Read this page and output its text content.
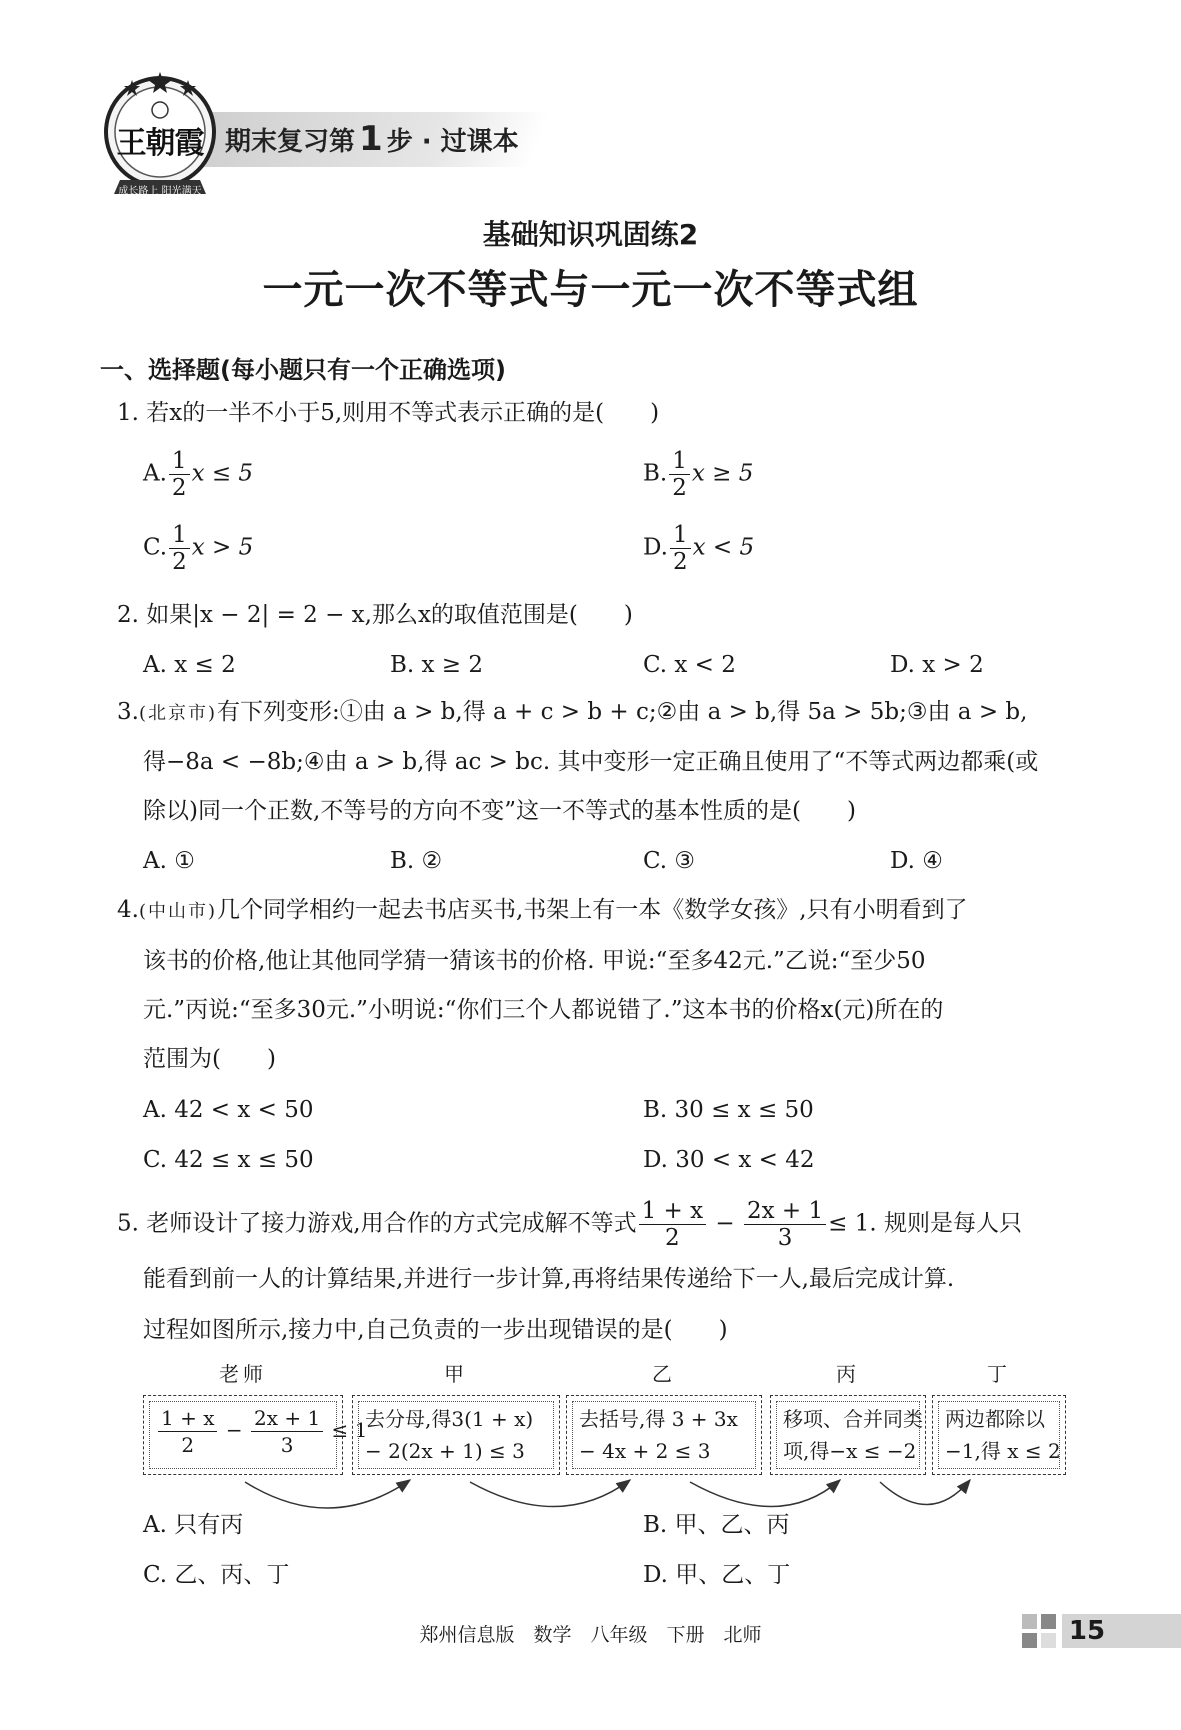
期末复习第 1 步 · 过课本
王朝霞
成长路上 阳光满天
基础知识巩固练2
一元一次不等式与一元一次不等式组
一、选择题(每小题只有一个正确选项)
1. 若x的一半不小于5,则用不等式表示正确的是(　　)
A. $\frac{1}{2}$ x ≤ 5	B. $\frac{1}{2}$ x ≥ 5
C. $\frac{1}{2}$ x > 5	D. $\frac{1}{2}$ x < 5
2. 如果|x − 2| = 2 − x,那么x的取值范围是(　　)
A. x ≤ 2	B. x ≥ 2	C. x < 2	D. x > 2
3.(北京市)有下列变形:①由 a > b,得 a + c > b + c;②由 a > b,得 5a > 5b;③由 a > b,
得−8a < −8b;④由 a > b,得 ac > bc. 其中变形一定正确且使用了“不等式两边都乘(或
除以)同一个正数,不等号的方向不变”这一不等式的基本性质的是(　　)
A. ①	B. ②	C. ③	D. ④
4.(中山市)几个同学相约一起去书店买书,书架上有一本《数学女孩》,只有小明看到了
该书的价格,他让其他同学猜一猜该书的价格. 甲说:“至多42元.”乙说:“至少50
元.”丙说:“至多30元.”小明说:“你们三个人都说错了.”这本书的价格x(元)所在的
范围为(　　)
A. 42 < x < 50	B. 30 ≤ x ≤ 50
C. 42 ≤ x ≤ 50	D. 30 < x < 42
5. 老师设计了接力游戏,用合作的方式完成解不等式 $\frac{1 + x}{2} - \frac{2x + 1}{3} \le 1$. 规则是每人只
能看到前一人的计算结果,并进行一步计算,再将结果传递给下一人,最后完成计算.
过程如图所示,接力中,自己负责的一步出现错误的是(　　)
老师	甲	乙	丙	丁
$\frac{1 + x}{2} - \frac{2x + 1}{3} \le 1$
去分母,得3(1 + x)
− 2(2x + 1) ≤ 3
去括号,得 3 + 3x
− 4x + 2 ≤ 3
移项、合并同类
项,得−x ≤ −2
两边都除以
−1,得 x ≤ 2
A. 只有丙	B. 甲、乙、丙
C. 乙、丙、丁	D. 甲、乙、丁
郑州信息版　数学　八年级　下册　北师	15
